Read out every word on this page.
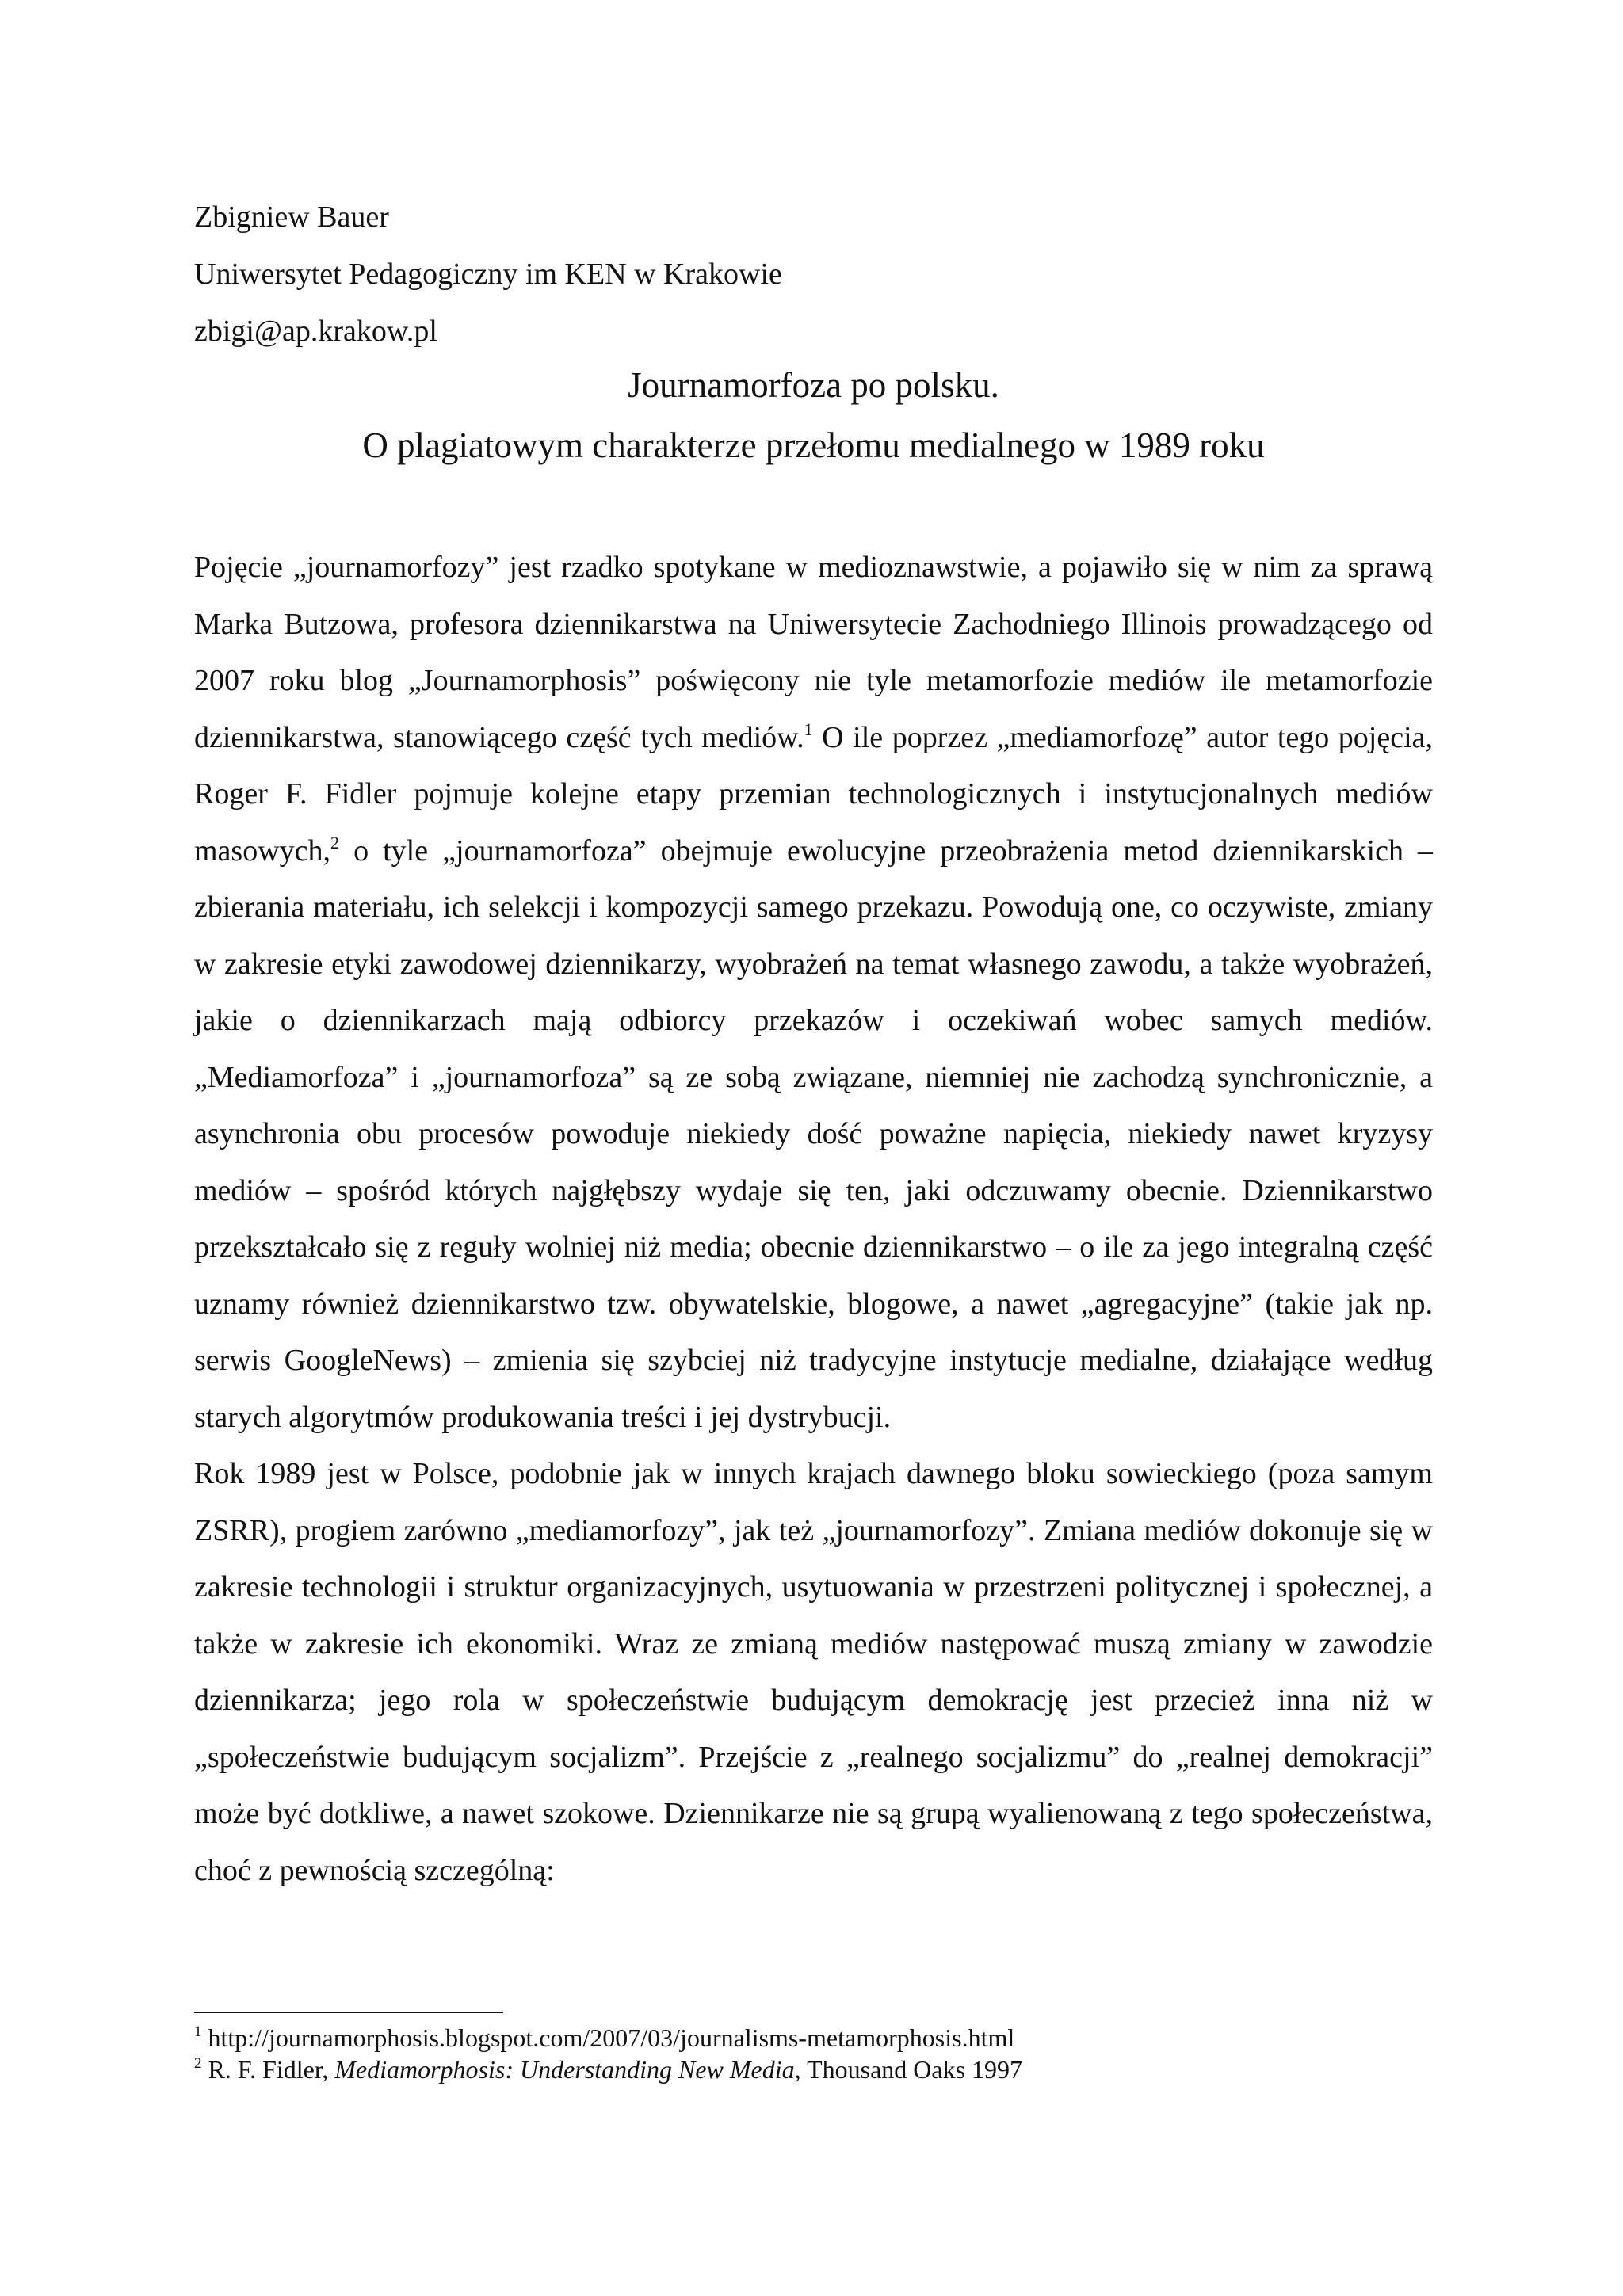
Zbigniew Bauer
Uniwersytet Pedagogiczny im KEN w Krakowie
zbigi@ap.krakow.pl
Journamorfoza po polsku.
O plagiatowym charakterze przełomu medialnego w 1989 roku

Pojęcie „journamorfozy” jest rzadko spotykane w medioznawstwie, a pojawiło się w nim za sprawą Marka Butzowa, profesora dziennikarstwa na Uniwersytecie Zachodniego Illinois prowadzącego od 2007 roku blog „Journamorphosis” poświęcony nie tyle metamorfozie mediów ile metamorfozie dziennikarstwa, stanowiącego część tych mediów.$^1$ O ile poprzez „mediamorfozę” autor tego pojęcia, Roger F. Fidler pojmuje kolejne etapy przemian technologicznych i instytucjonalnych mediów masowych,$^2$ o tyle „journamorfoza” obejmuje ewolucyjne przeobrażenia metod dziennikarskich – zbierania materiału, ich selekcji i kompozycji samego przekazu. Powodują one, co oczywiste, zmiany w zakresie etyki zawodowej dziennikarzy, wyobrażeń na temat własnego zawodu, a także wyobrażeń, jakie o dziennikarzach mają odbiorcy przekazów i oczekiwań wobec samych mediów. „Mediamorfoza” i „journamorfoza” są ze sobą związane, niemniej nie zachodzą synchronicznie, a asynchronia obu procesów powoduje niekiedy dość poważne napięcia, niekiedy nawet kryzysy mediów – spośród których najgłębszy wydaje się ten, jaki odczuwamy obecnie. Dziennikarstwo przekształcało się z reguły wolniej niż media; obecnie dziennikarstwo – o ile za jego integralną część uznamy również dziennikarstwo tzw. obywatelskie, blogowe, a nawet „agregacyjne” (takie jak np. serwis GoogleNews) – zmienia się szybciej niż tradycyjne instytucje medialne, działające według starych algorytmów produkowania treści i jej dystrybucji.

Rok 1989 jest w Polsce, podobnie jak w innych krajach dawnego bloku sowieckiego (poza samym ZSRR), progiem zarówno „mediamorfozy”, jak też „journamorfozy”. Zmiana mediów dokonuje się w zakresie technologii i struktur organizacyjnych, usytuowania w przestrzeni politycznej i społecznej, a także w zakresie ich ekonomiki. Wraz ze zmianą mediów następować muszą zmiany w zawodzie dziennikarza; jego rola w społeczeństwie budującym demokrację jest przecież inna niż w „społeczeństwie budującym socjalizm”. Przejście z „realnego socjalizmu” do „realnej demokracji” może być dotkliwe, a nawet szokowe. Dziennikarze nie są grupą wyalienowaną z tego społeczeństwa, choć z pewnością szczególną:

$^1$ http://journamorphosis.blogspot.com/2007/03/journalisms-metamorphosis.html
$^2$ R. F. Fidler, Mediamorphosis: Understanding New Media, Thousand Oaks 1997
